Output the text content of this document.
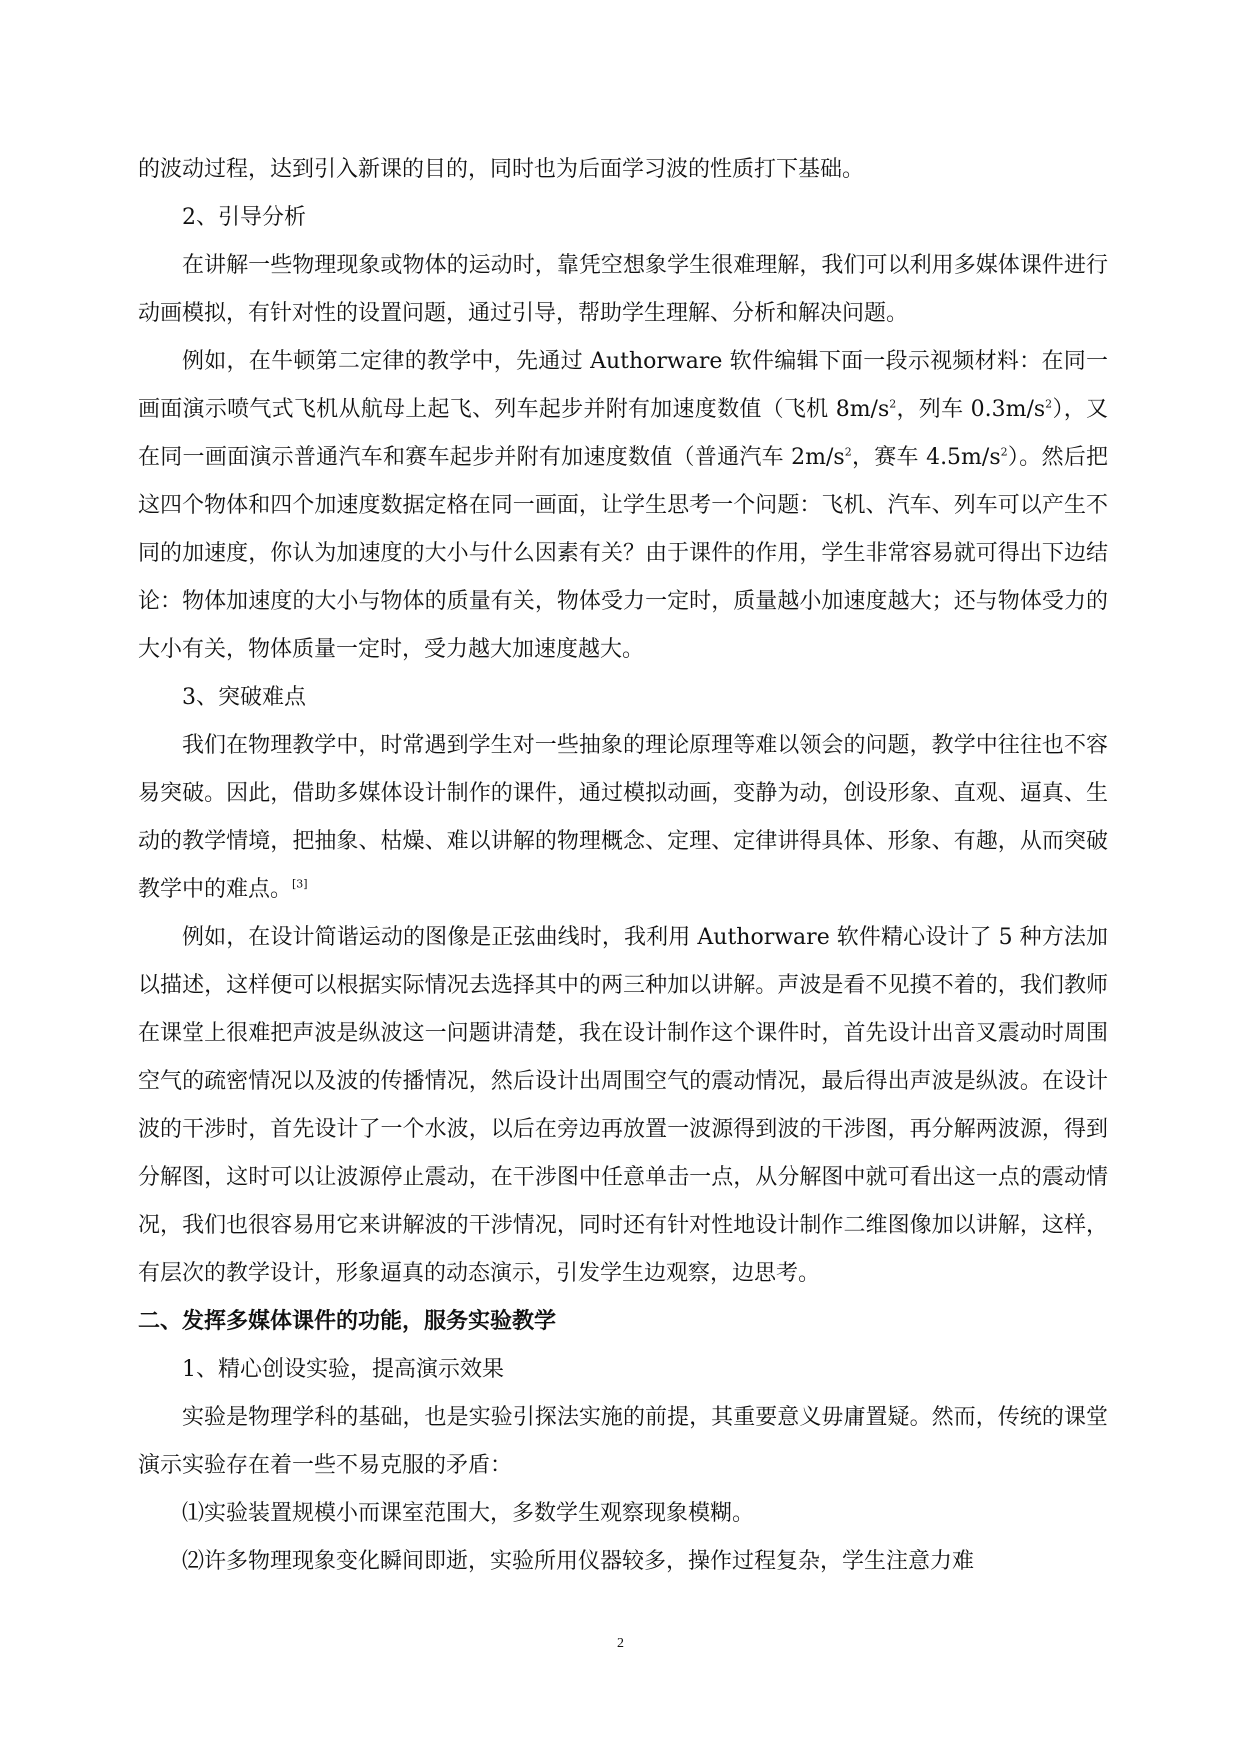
的波动过程，达到引入新课的目的，同时也为后面学习波的性质打下基础。

2、引导分析

在讲解一些物理现象或物体的运动时，靠凭空想象学生很难理解，我们可以利用多媒体课件进行动画模拟，有针对性的设置问题，通过引导，帮助学生理解、分析和解决问题。

例如，在牛顿第二定律的教学中，先通过 Authorware 软件编辑下面一段示视频材料：在同一画面演示喷气式飞机从航母上起飞、列车起步并附有加速度数值（飞机 $8m/s^2$，列车 $0.3m/s^2$），又在同一画面演示普通汽车和赛车起步并附有加速度数值（普通汽车 $2m/s^2$，赛车 $4.5m/s^2$）。然后把这四个物体和四个加速度数据定格在同一画面，让学生思考一个问题：飞机、汽车、列车可以产生不同的加速度，你认为加速度的大小与什么因素有关？由于课件的作用，学生非常容易就可得出下边结论：物体加速度的大小与物体的质量有关，物体受力一定时，质量越小加速度越大；还与物体受力的大小有关，物体质量一定时，受力越大加速度越大。

3、突破难点

我们在物理教学中，时常遇到学生对一些抽象的理论原理等难以领会的问题，教学中往往也不容易突破。因此，借助多媒体设计制作的课件，通过模拟动画，变静为动，创设形象、直观、逼真、生动的教学情境，把抽象、枯燥、难以讲解的物理概念、定理、定律讲得具体、形象、有趣，从而突破教学中的难点。[3]

例如，在设计简谐运动的图像是正弦曲线时，我利用 Authorware 软件精心设计了 5 种方法加以描述，这样便可以根据实际情况去选择其中的两三种加以讲解。声波是看不见摸不着的，我们教师在课堂上很难把声波是纵波这一问题讲清楚，我在设计制作这个课件时，首先设计出音叉震动时周围空气的疏密情况以及波的传播情况，然后设计出周围空气的震动情况，最后得出声波是纵波。在设计波的干涉时，首先设计了一个水波，以后在旁边再放置一波源得到波的干涉图，再分解两波源，得到分解图，这时可以让波源停止震动，在干涉图中任意单击一点，从分解图中就可看出这一点的震动情况，我们也很容易用它来讲解波的干涉情况，同时还有针对性地设计制作二维图像加以讲解，这样，有层次的教学设计，形象逼真的动态演示，引发学生边观察，边思考。

二、发挥多媒体课件的功能，服务实验教学

1、精心创设实验，提高演示效果

实验是物理学科的基础，也是实验引探法实施的前提，其重要意义毋庸置疑。然而，传统的课堂演示实验存在着一些不易克服的矛盾：

⑴实验装置规模小而课室范围大，多数学生观察现象模糊。

⑵许多物理现象变化瞬间即逝，实验所用仪器较多，操作过程复杂，学生注意力难

2
